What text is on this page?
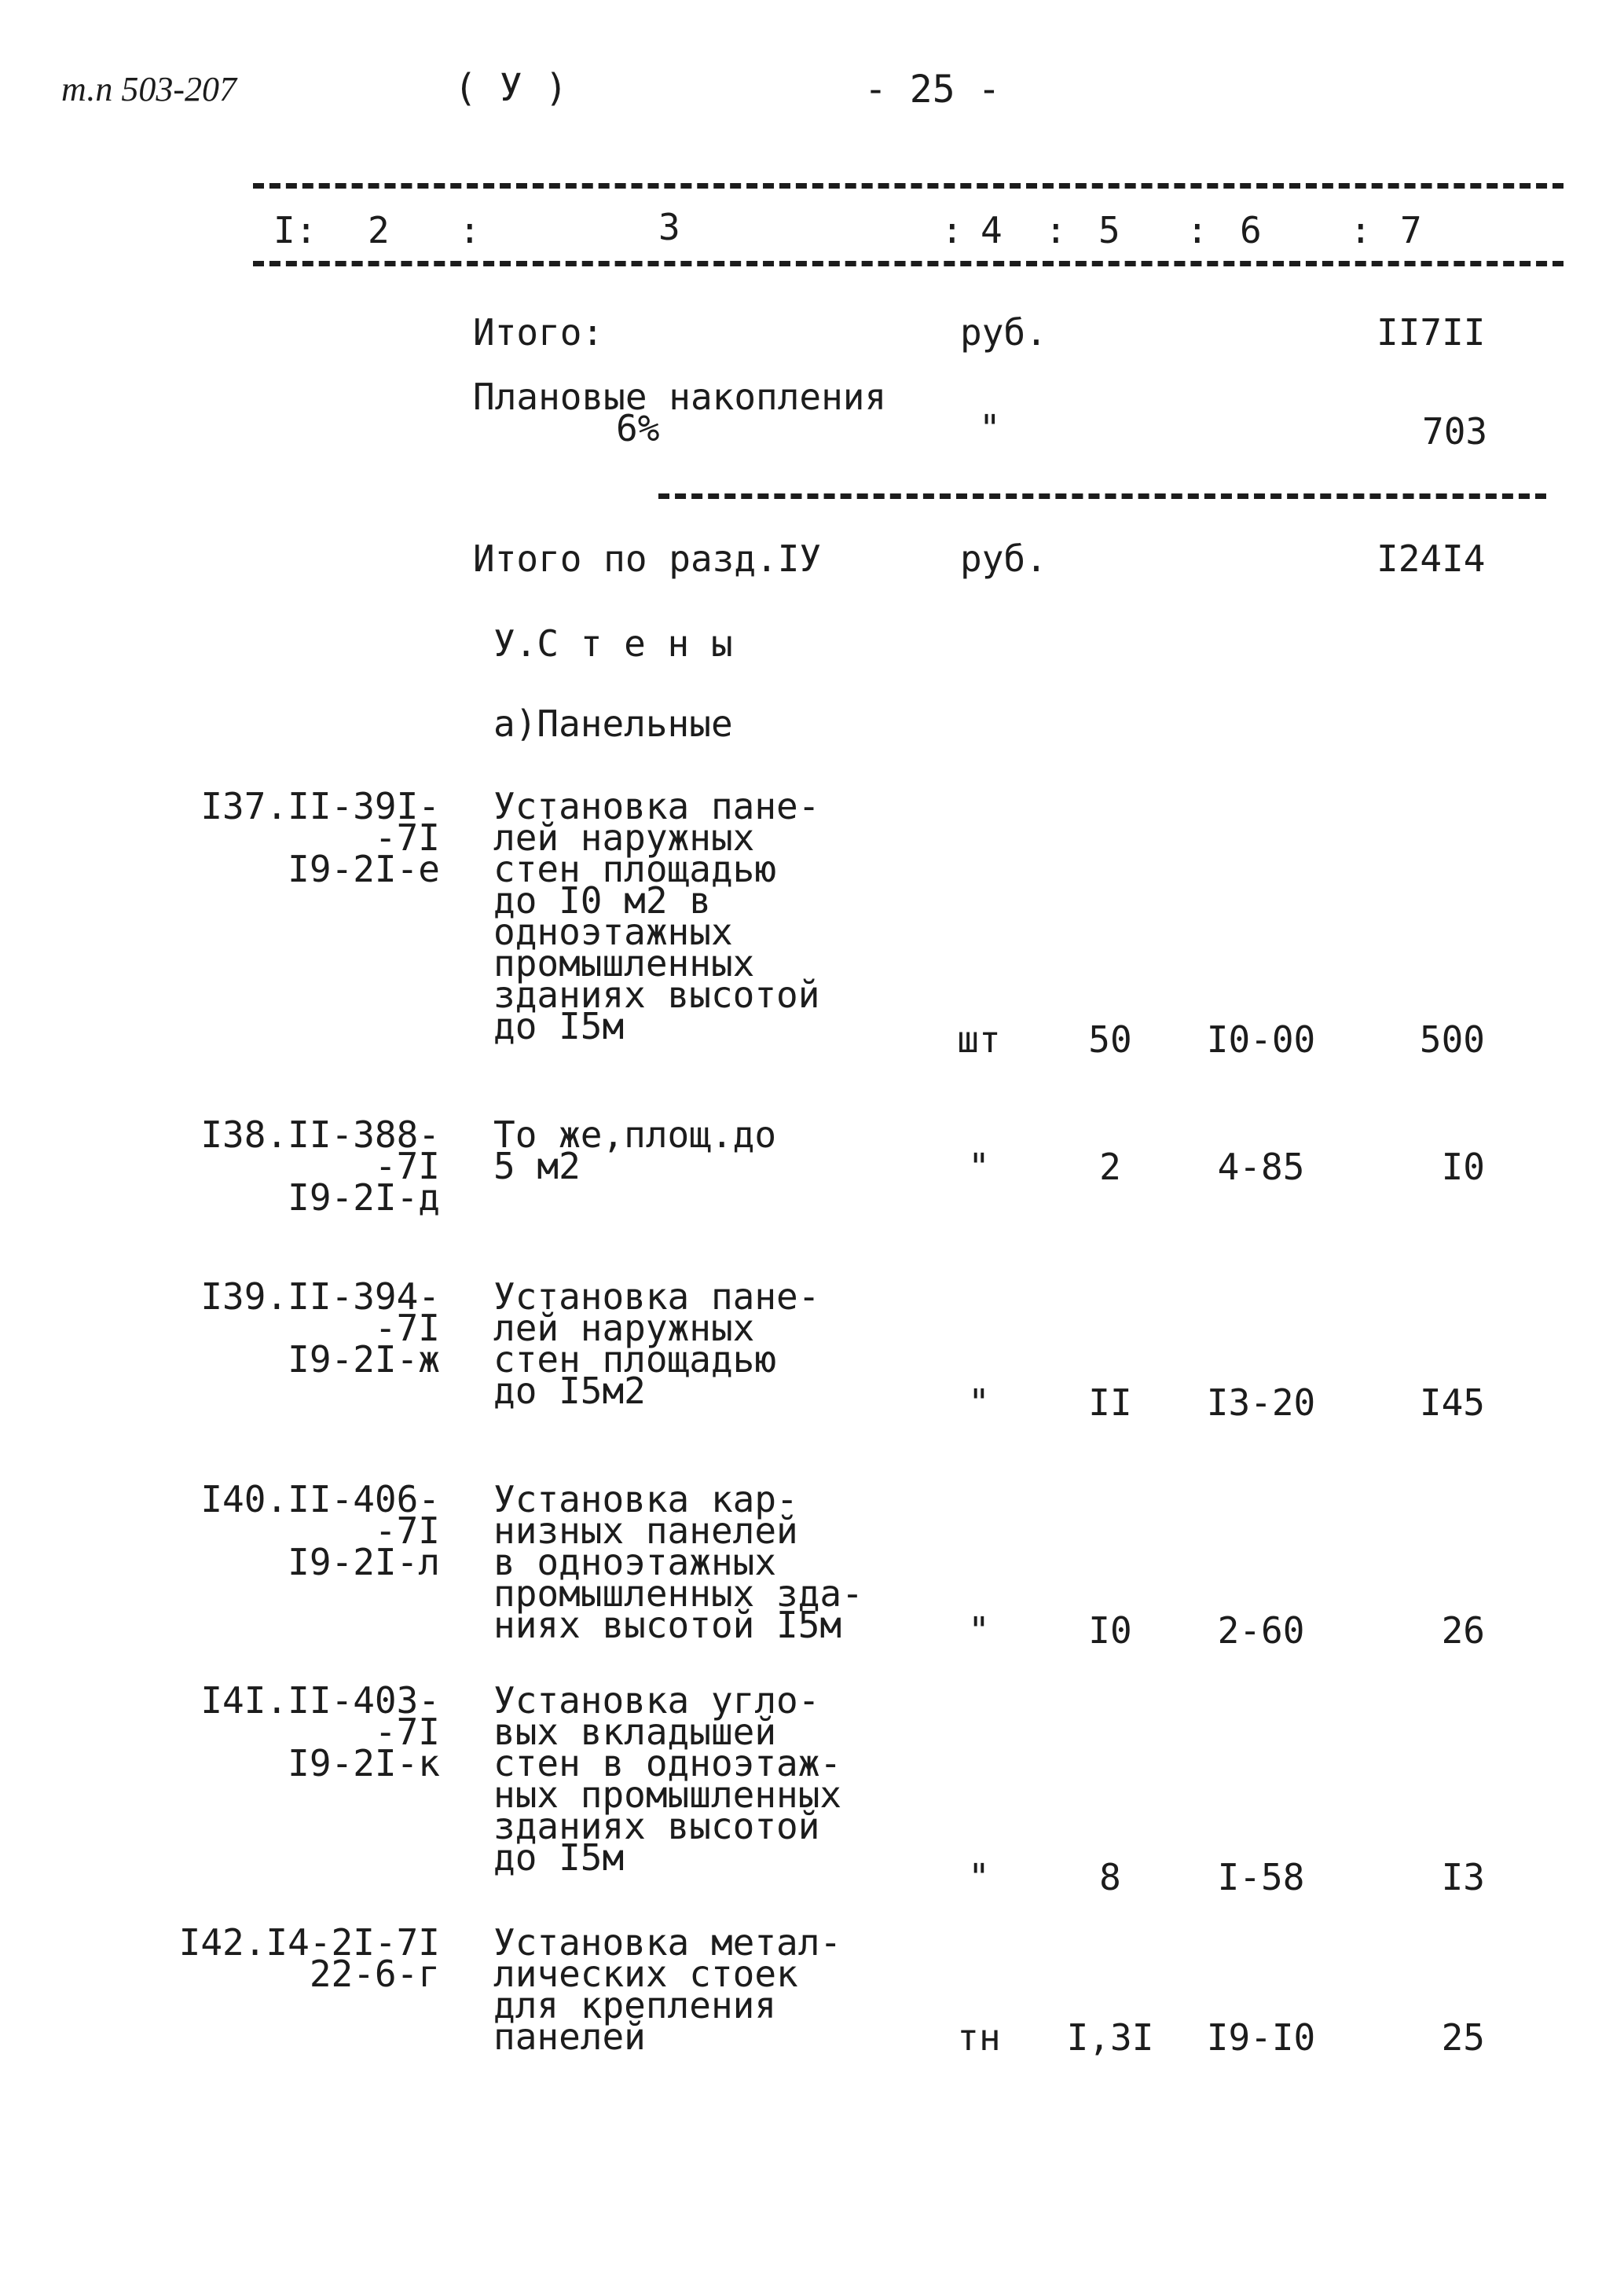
т.п 503-207	( У )	- 25 -
I: 2 :	3	: 4 : 5 : 6 : 7
Итого:	руб.	II7II
Плановые накопления
6%	"	703
Итого по разд.IУ	руб.	I24I4
У.С т е н ы
а)Панельные
I37.II-39I-
-7I
I9-2I-е
Установка пане-
лей наружных
стен площадью
до I0 м2 в
одноэтажных
промышленных
зданиях высотой
до I5м	шт	50	I0-00	500
I38.II-388-
-7I
I9-2I-д
То же,площ.до
5 м2	"	2	4-85	I0
I39.II-394-
-7I
I9-2I-ж
Установка пане-
лей наружных
стен площадью
до I5м2	"	II	I3-20	I45
I40.II-406-
-7I
I9-2I-л
Установка кар-
низных панелей
в одноэтажных
промышленных зда-
ниях высотой I5м	"	I0	2-60	26
I4I.II-403-
-7I
I9-2I-к
Установка угло-
вых вкладышей
стен в одноэтаж-
ных промышленных
зданиях высотой
до I5м	"	8	I-58	I3
I42.I4-2I-7I
22-6-г
Установка метал-
лических стоек
для крепления
панелей	тн	I,3I	I9-I0	25
